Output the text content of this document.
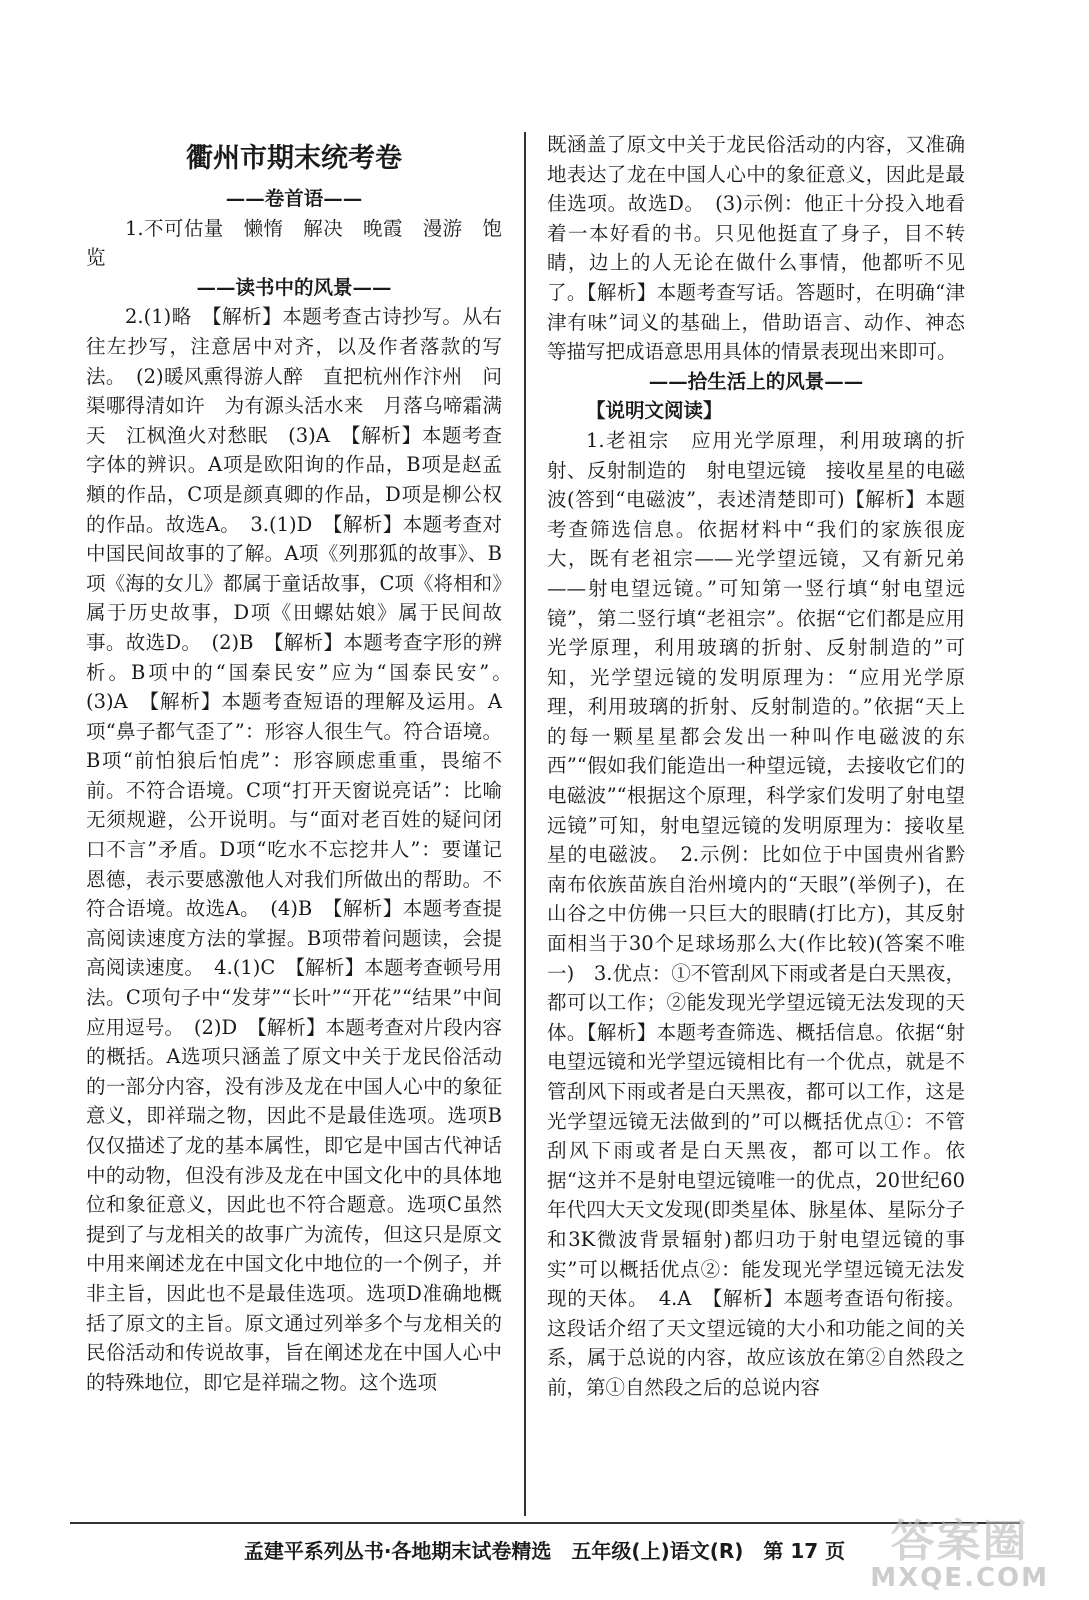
衢州市期末统考卷

——卷首语——

1.不可估量　懒惰　解决　晚霞　漫游　饱览

——读书中的风景——

2.(1)略　【解析】本题考查古诗抄写。从右往左抄写，注意居中对齐，以及作者落款的写法。　(2)暖风熏得游人醉　直把杭州作汴州　问渠哪得清如许　为有源头活水来　月落乌啼霜满天　江枫渔火对愁眠　(3)A　【解析】本题考查字体的辨识。A项是欧阳询的作品，B项是赵孟頫的作品，C项是颜真卿的作品，D项是柳公权的作品。故选A。　3.(1)D　【解析】本题考查对中国民间故事的了解。A项《列那狐的故事》、B项《海的女儿》都属于童话故事，C项《将相和》属于历史故事，D项《田螺姑娘》属于民间故事。故选D。　(2)B　【解析】本题考查字形的辨析。B项中的“国秦民安”应为“国泰民安”。　(3)A　【解析】本题考查短语的理解及运用。A项“鼻子都气歪了”：形容人很生气。符合语境。B项“前怕狼后怕虎”：形容顾虑重重，畏缩不前。不符合语境。C项“打开天窗说亮话”：比喻无须规避，公开说明。与“面对老百姓的疑问闭口不言”矛盾。D项“吃水不忘挖井人”：要谨记恩德，表示要感激他人对我们所做出的帮助。不符合语境。故选A。　(4)B　【解析】本题考查提高阅读速度方法的掌握。B项带着问题读，会提高阅读速度。　4.(1)C　【解析】本题考查顿号用法。C项句子中“发芽”“长叶”“开花”“结果”中间应用逗号。　(2)D　【解析】本题考查对片段内容的概括。A选项只涵盖了原文中关于龙民俗活动的一部分内容，没有涉及龙在中国人心中的象征意义，即祥瑞之物，因此不是最佳选项。选项B仅仅描述了龙的基本属性，即它是中国古代神话中的动物，但没有涉及龙在中国文化中的具体地位和象征意义，因此也不符合题意。选项C虽然提到了与龙相关的故事广为流传，但这只是原文中用来阐述龙在中国文化中地位的一个例子，并非主旨，因此也不是最佳选项。选项D准确地概括了原文的主旨。原文通过列举多个与龙相关的民俗活动和传说故事，旨在阐述龙在中国人心中的特殊地位，即它是祥瑞之物。这个选项

既涵盖了原文中关于龙民俗活动的内容，又准确地表达了龙在中国人心中的象征意义，因此是最佳选项。故选D。　(3)示例：他正十分投入地看着一本好看的书。只见他挺直了身子，目不转睛，边上的人无论在做什么事情，他都听不见了。【解析】本题考查写话。答题时，在明确“津津有味”词义的基础上，借助语言、动作、神态等描写把成语意思用具体的情景表现出来即可。

——拾生活上的风景——

【说明文阅读】

1.老祖宗　应用光学原理，利用玻璃的折射、反射制造的　射电望远镜　接收星星的电磁波(答到“电磁波”，表述清楚即可)【解析】本题考查筛选信息。依据材料中“我们的家族很庞大，既有老祖宗——光学望远镜，又有新兄弟——射电望远镜。”可知第一竖行填“射电望远镜”，第二竖行填“老祖宗”。依据“它们都是应用光学原理，利用玻璃的折射、反射制造的”可知，光学望远镜的发明原理为：“应用光学原理，利用玻璃的折射、反射制造的。”依据“天上的每一颗星星都会发出一种叫作电磁波的东西”“假如我们能造出一种望远镜，去接收它们的电磁波”“根据这个原理，科学家们发明了射电望远镜”可知，射电望远镜的发明原理为：接收星星的电磁波。　2.示例：比如位于中国贵州省黔南布依族苗族自治州境内的“天眼”(举例子)，在山谷之中仿佛一只巨大的眼睛(打比方)，其反射面相当于30个足球场那么大(作比较)(答案不唯一)　3.优点：①不管刮风下雨或者是白天黑夜，都可以工作；②能发现光学望远镜无法发现的天体。【解析】本题考查筛选、概括信息。依据“射电望远镜和光学望远镜相比有一个优点，就是不管刮风下雨或者是白天黑夜，都可以工作，这是光学望远镜无法做到的”可以概括优点①：不管刮风下雨或者是白天黑夜，都可以工作。依据“这并不是射电望远镜唯一的优点，20世纪60年代四大天文发现(即类星体、脉星体、星际分子和3K微波背景辐射)都归功于射电望远镜的事实”可以概括优点②：能发现光学望远镜无法发现的天体。　4.A　【解析】本题考查语句衔接。这段话介绍了天文望远镜的大小和功能之间的关系，属于总说的内容，故应该放在第②自然段之前，第①自然段之后的总说内容

孟建平系列丛书·各地期末试卷精选　五年级(上)语文(R)　第 17 页	答案圈
MXQE.COM
